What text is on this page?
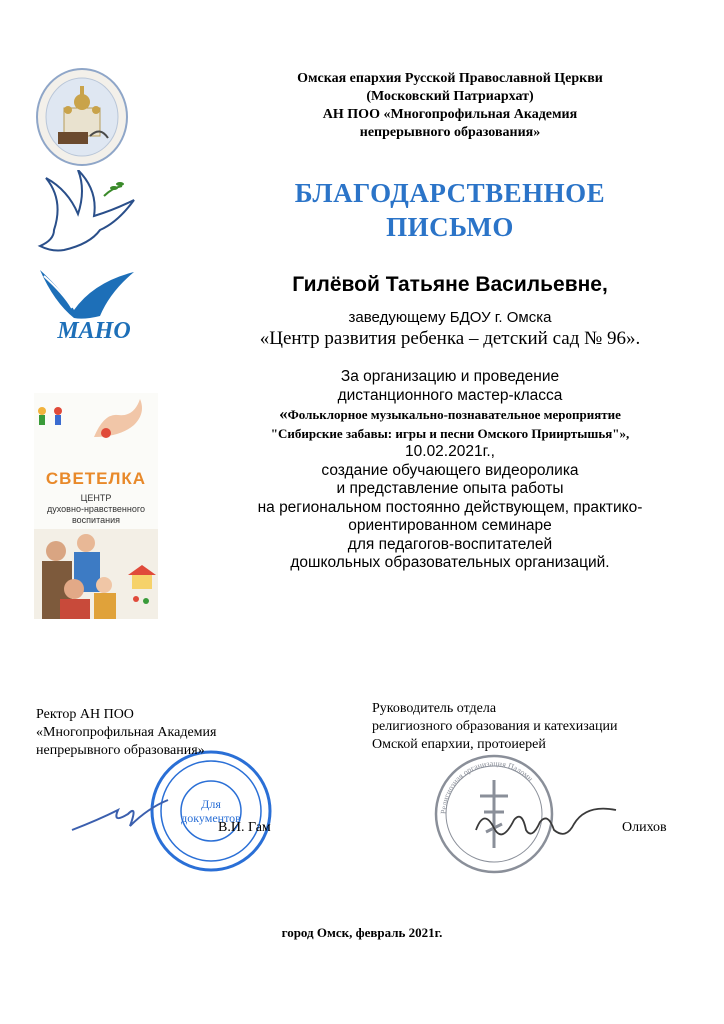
МАНО
СВЕТЕЛКА
ЦЕНТР
духовно-нравственного
воспитания
Омская епархия Русской Православной Церкви
(Московский Патриархат)
АН ПОО «Многопрофильная Академия
непрерывного образования»
БЛАГОДАРСТВЕННОЕ
ПИСЬМО
Гилёвой Татьяне Васильевне,
заведующему БДОУ г. Омска
«Центр развития ребенка – детский сад № 96».
За организацию и проведение
дистанционного мастер-класса
«Фольклорное музыкально-познавательное мероприятие
"Сибирские забавы: игры и песни Омского Прииртышья"»,
10.02.2021г.,
создание обучающего видеоролика
и представление опыта работы
на региональном постоянно действующем, практико-
ориентированном семинаре
для педагогов-воспитателей
дошкольных образовательных организаций.
Для
документов	Религиозная организация Паломн
Ректор АН ПОО
«Многопрофильная Академия
непрерывного образования»
В.И. Гам
Руководитель отдела
религиозного образования и катехизации
Омской епархии, протоиерей
Олихов
город Омск, февраль 2021г.
